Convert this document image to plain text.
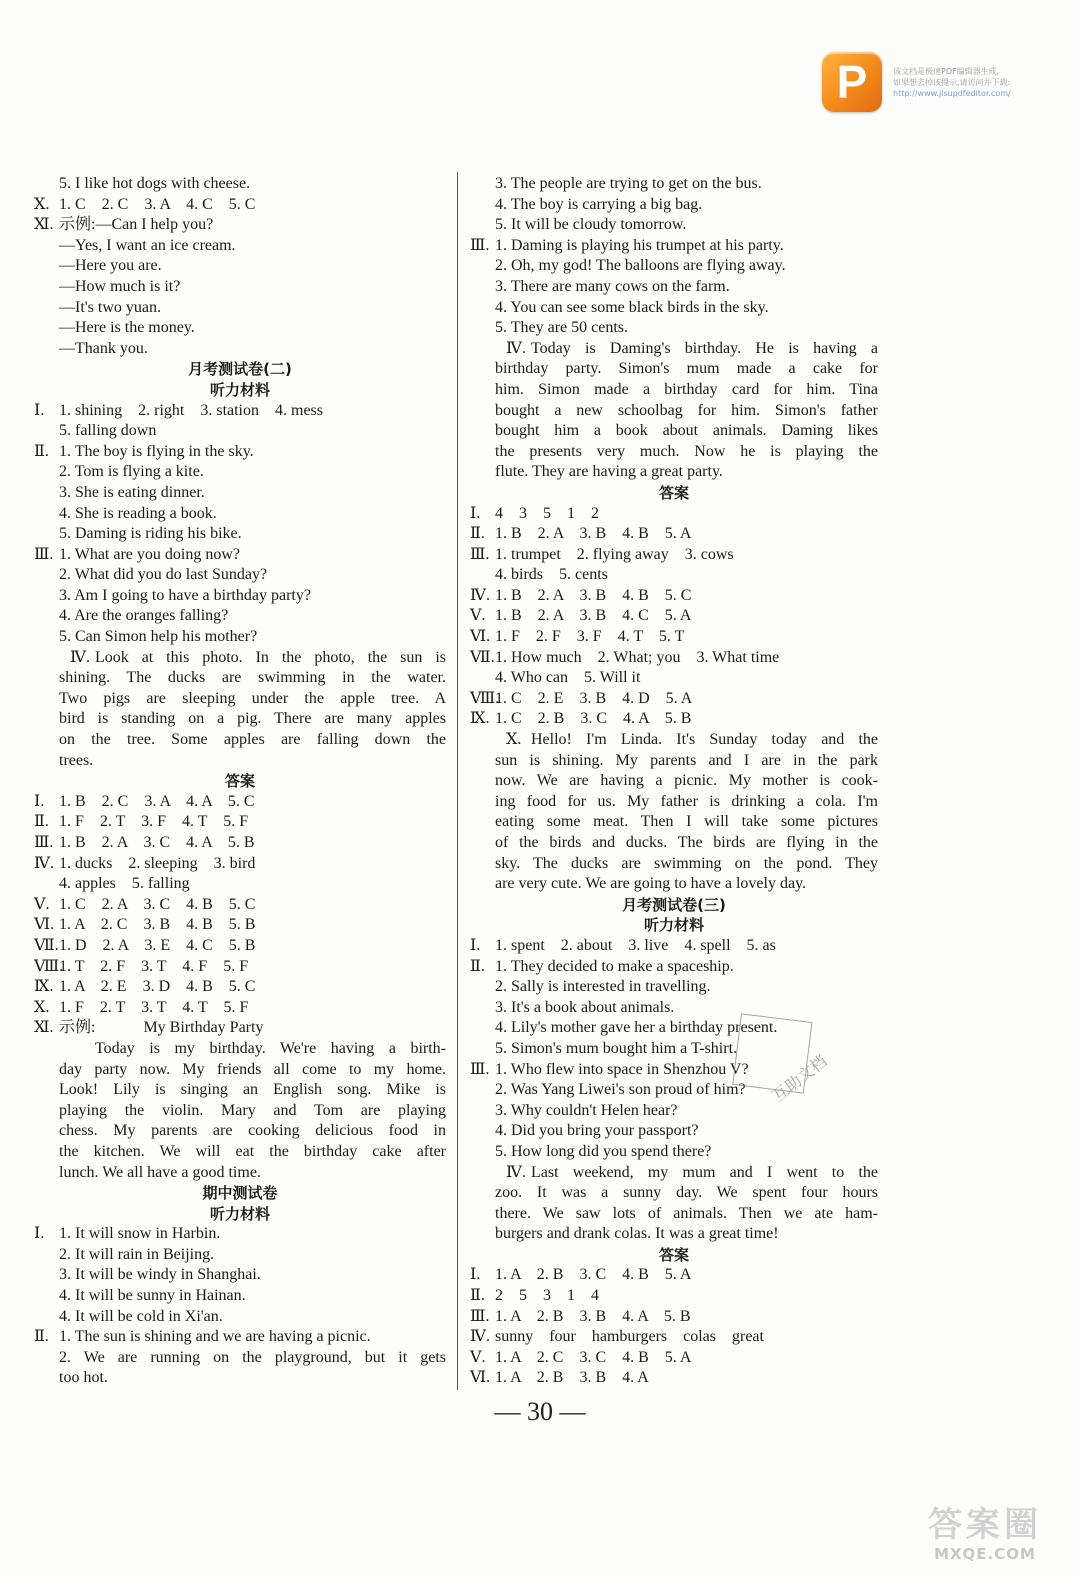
P	该文档是极速PDF编辑器生成,
如果想去掉该提示,请访问并下载:
http://www.jisupdfeditor.com/
5. I like hot dogs with cheese.
Ⅹ. 1. C    2. C    3. A    4. C    5. C
Ⅺ. 示例:—Can I help you?
—Yes, I want an ice cream.
—Here you are.
—How much is it?
—It's two yuan.
—Here is the money.
—Thank you.
月考测试卷(二)
听力材料
Ⅰ. 1. shining    2. right    3. station    4. mess
5. falling down
Ⅱ. 1. The boy is flying in the sky.
2. Tom is flying a kite.
3. She is eating dinner.
4. She is reading a book.
5. Daming is riding his bike.
Ⅲ. 1. What are you doing now?
2. What did you do last Sunday?
3. Am I going to have a birthday party?
4. Are the oranges falling?
5. Can Simon help his mother?
Ⅳ. Look at this photo. In the photo, the sun is
shining. The ducks are swimming in the water.
Two pigs are sleeping under the apple tree. A
bird is standing on a pig. There are many apples
on the tree. Some apples are falling down the
trees.
答案
Ⅰ. 1. B    2. C    3. A    4. A    5. C
Ⅱ. 1. F    2. T    3. F    4. T    5. F
Ⅲ. 1. B    2. A    3. C    4. A    5. B
Ⅳ. 1. ducks    2. sleeping    3. bird
4. apples    5. falling
Ⅴ. 1. C    2. A    3. C    4. B    5. C
Ⅵ. 1. A    2. C    3. B    4. B    5. B
Ⅶ. 1. D    2. A    3. E    4. C    5. B
Ⅷ.
1. T    2. F    3. T    4. F    5. F
Ⅸ. 1. A    2. E    3. D    4. B    5. C
Ⅹ. 1. F    2. T    3. T    4. T    5. F
Ⅺ. 示例:            My Birthday Party
Today is my birthday. We're having a birth-
day party now. My friends all come to my home.
Look! Lily is singing an English song. Mike is
playing the violin. Mary and Tom are playing
chess. My parents are cooking delicious food in
the kitchen. We will eat the birthday cake after
lunch. We all have a good time.
期中测试卷
听力材料
Ⅰ. 1. It will snow in Harbin.
2. It will rain in Beijing.
3. It will be windy in Shanghai.
4. It will be sunny in Hainan.
4. It will be cold in Xi'an.
Ⅱ. 1. The sun is shining and we are having a picnic.
2. We are running on the playground, but it gets
too hot.
3. The people are trying to get on the bus.
4. The boy is carrying a big bag.
5. It will be cloudy tomorrow.
Ⅲ. 1. Daming is playing his trumpet at his party.
2. Oh, my god! The balloons are flying away.
3. There are many cows on the farm.
4. You can see some black birds in the sky.
5. They are 50 cents.
Ⅳ. Today is Daming's birthday. He is having a
birthday party. Simon's mum made a cake for
him. Simon made a birthday card for him. Tina
bought a new schoolbag for him. Simon's father
bought him a book about animals. Daming likes
the presents very much. Now he is playing the
flute. They are having a great party.
答案
Ⅰ. 4    3    5    1    2
Ⅱ. 1. B    2. A    3. B    4. B    5. A
Ⅲ. 1. trumpet    2. flying away    3. cows
4. birds    5. cents
Ⅳ. 1. B    2. A    3. B    4. B    5. C
Ⅴ. 1. B    2. A    3. B    4. C    5. A
Ⅵ. 1. F    2. F    3. F    4. T    5. T
Ⅶ. 1. How much    2. What; you    3. What time
4. Who can    5. Will it
Ⅷ.
1. C    2. E    3. B    4. D    5. A
Ⅸ. 1. C    2. B    3. C    4. A    5. B
Ⅹ. Hello! I'm Linda. It's Sunday today and the
sun is shining. My parents and I are in the park
now. We are having a picnic. My mother is cook-
ing food for us. My father is drinking a cola. I'm
eating some meat. Then I will take some pictures
of the birds and ducks. The birds are flying in the
sky. The ducks are swimming on the pond. They
are very cute. We are going to have a lovely day.
月考测试卷(三)
听力材料
Ⅰ. 1. spent    2. about    3. live    4. spell    5. as
Ⅱ. 1. They decided to make a spaceship.
2. Sally is interested in travelling.
3. It's a book about animals.
4. Lily's mother gave her a birthday present.
5. Simon's mum bought him a T-shirt.
Ⅲ. 1. Who flew into space in Shenzhou V?
2. Was Yang Liwei's son proud of him?
3. Why couldn't Helen hear?
4. Did you bring your passport?
5. How long did you spend there?
Ⅳ. Last weekend, my mum and I went to the
zoo. It was a sunny day. We spent four hours
there. We saw lots of animals. Then we ate ham-
burgers and drank colas. It was a great time!
答案
Ⅰ. 1. A    2. B    3. C    4. B    5. A
Ⅱ. 2    5    3    1    4
Ⅲ. 1. A    2. B    3. B    4. A    5. B
Ⅳ. sunny    four    hamburgers    colas    great
Ⅴ. 1. A    2. C    3. C    4. B    5. A
Ⅵ. 1. A    2. B    3. B    4. A
互助文档
— 30 —
答案圈
MXQE.COM
